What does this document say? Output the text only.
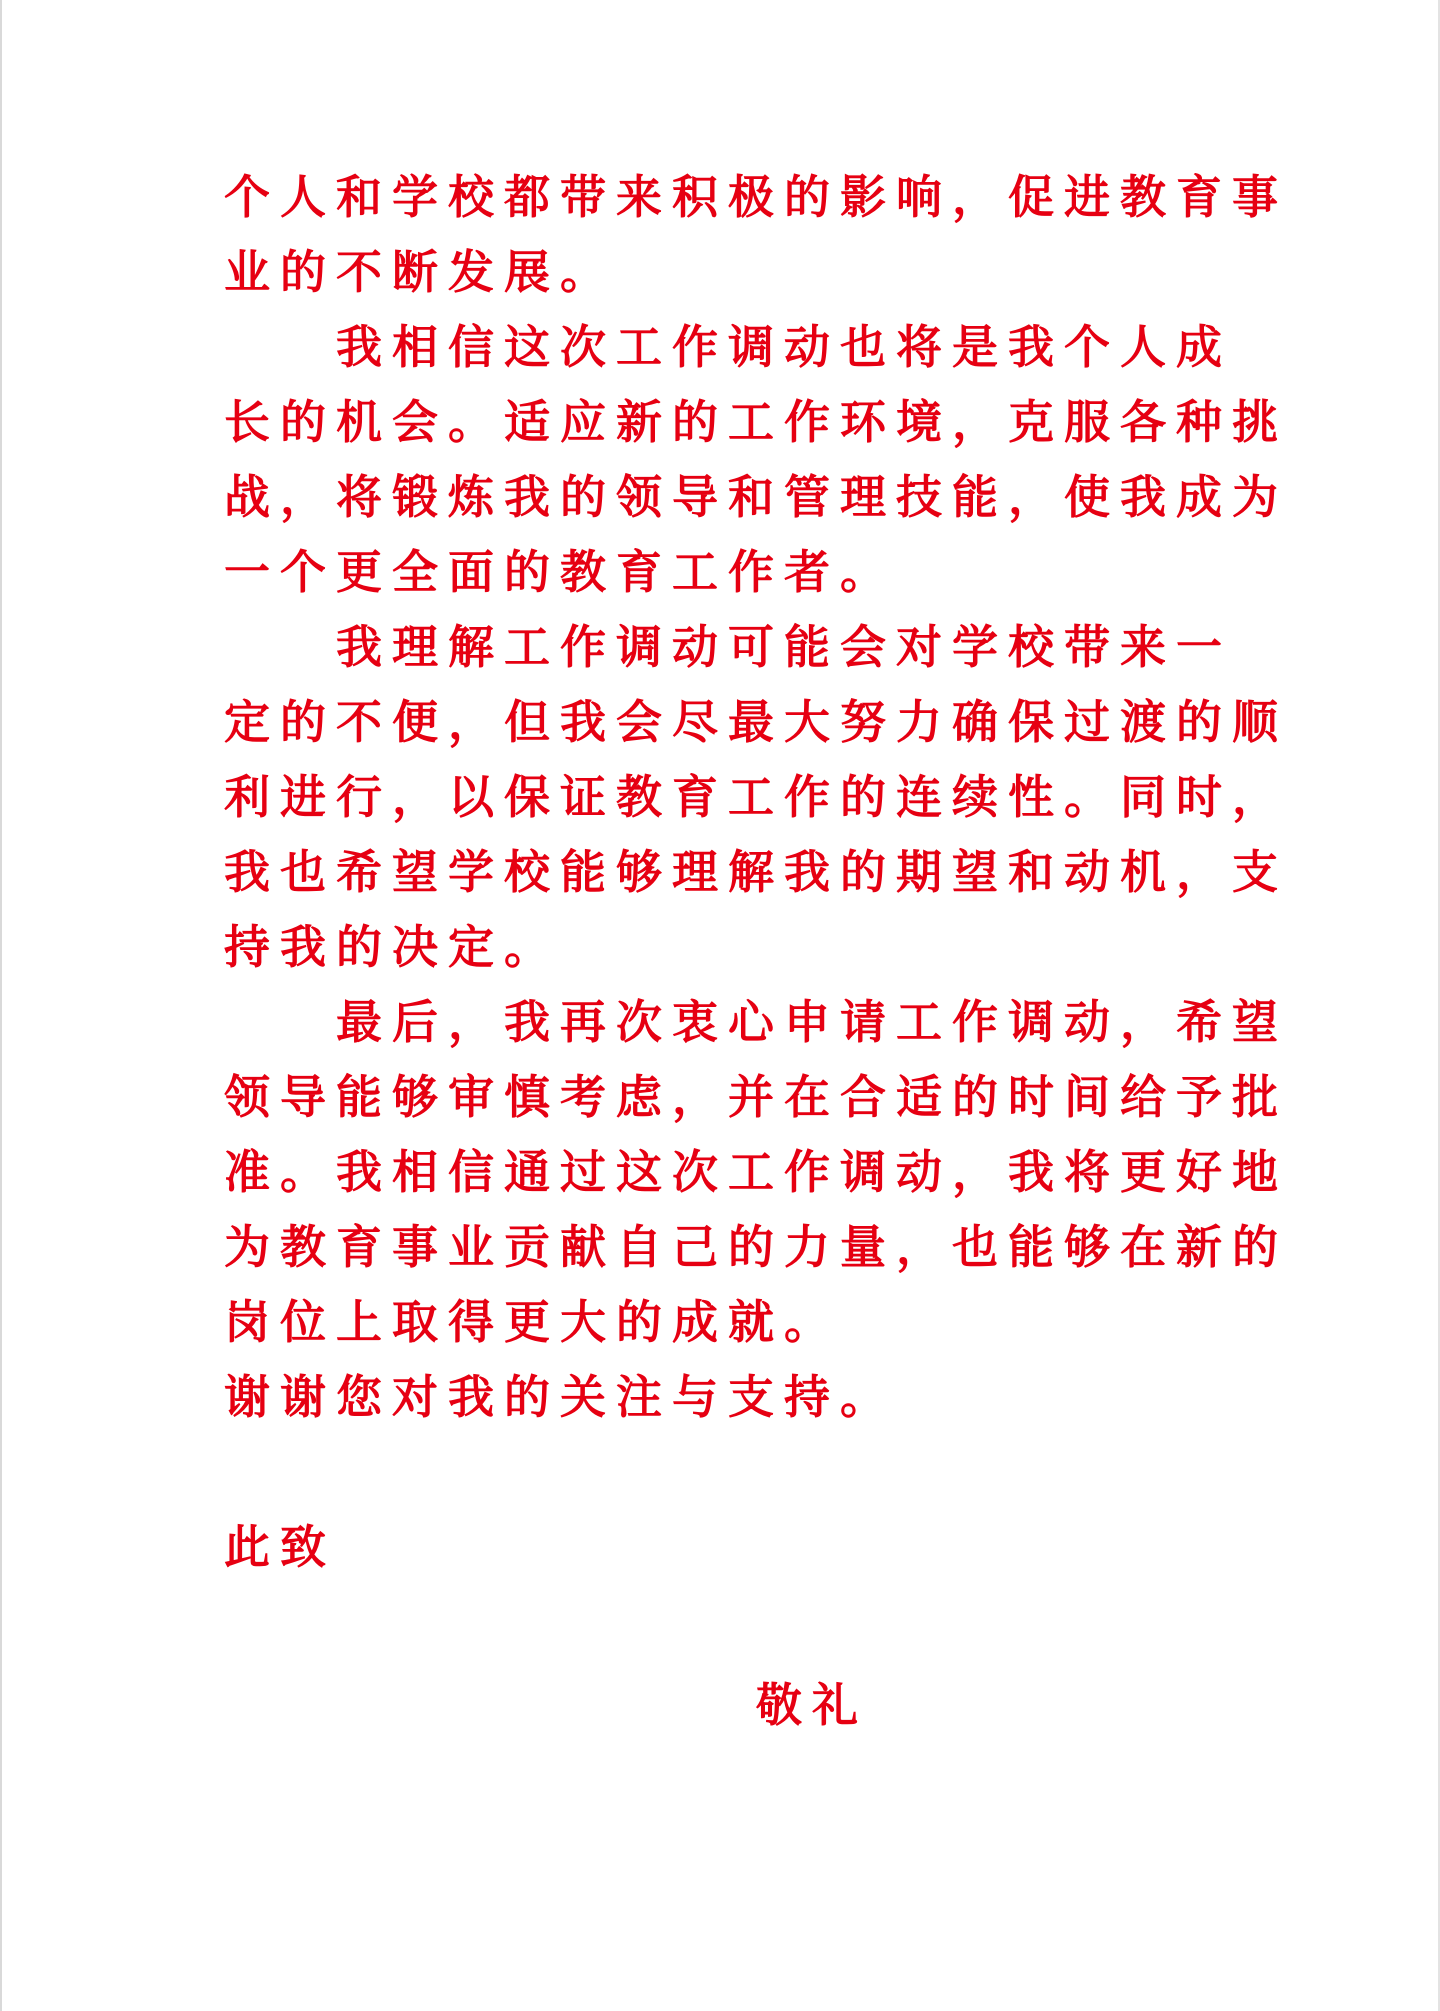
个人和学校都带来积极的影响，促进教育事
业的不断发展。
我相信这次工作调动也将是我个人成
长的机会。适应新的工作环境，克服各种挑
战，将锻炼我的领导和管理技能，使我成为
一个更全面的教育工作者。
我理解工作调动可能会对学校带来一
定的不便，但我会尽最大努力确保过渡的顺
利进行，以保证教育工作的连续性。同时，
我也希望学校能够理解我的期望和动机，支
持我的决定。
最后，我再次衷心申请工作调动，希望
领导能够审慎考虑，并在合适的时间给予批
准。我相信通过这次工作调动，我将更好地
为教育事业贡献自己的力量，也能够在新的
岗位上取得更大的成就。
谢谢您对我的关注与支持。
此致
敬礼
